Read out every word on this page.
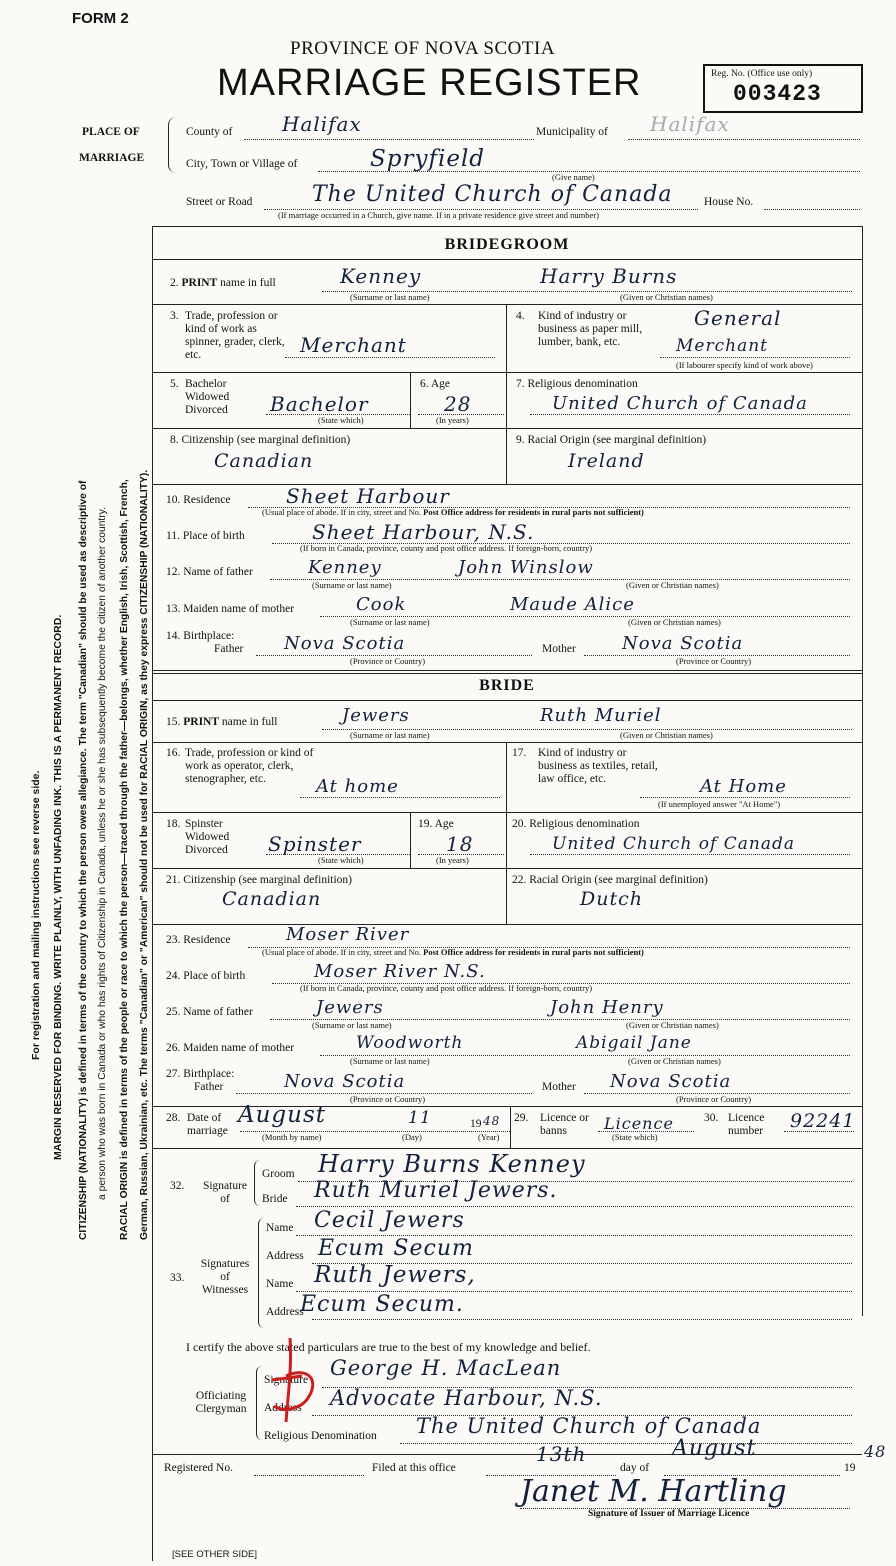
For registration and mailing instructions see reverse side. MARGIN RESERVED FOR BINDING. WRITE PLAINLY, WITH UNFADING INK. THIS IS A PERMANENT RECORD. CITIZENSHIP (NATIONALITY) is defined in terms of the country to which the person owes allegiance. The term "Canadian" should be used as descriptive of a person who was born in Canada or who has rights of Citizenship in Canada, unless he or she has subsequently become the citizen of another country. RACIAL ORIGIN is defined in terms of the people or race to which the person—traced through the father—belongs, whether English, Irish, Scottish, French, German, Russian, Ukrainian, etc. The terms "Canadian" or "American" should not be used for RACIAL ORIGIN, as they express CITIZENSHIP (NATIONALITY).
FORM 2
PROVINCE OF NOVA SCOTIA
MARRIAGE REGISTER	Reg. No. (Office use only)
003423
PLACE OF
MARRIAGE
County of Halifax	Municipality of Halifax
City, Town or Village of	Spryfield
(Give name)
Street or Road	The United Church of Canada	House No.
(If marriage occurred in a Church, give name. If in a private residence give street and number)
BRIDEGROOM
2. PRINT name in full	Kenney	Harry Burns
(Surname or last name)	(Given or Christian names)
3. Trade, profession or kind of work as spinner, grader, clerk, etc.	Merchant
4. Kind of industry or business as paper mill, lumber, bank, etc.
General
Merchant
(If labourer specify kind of work above)
5. Bachelor Widowed Divorced	Bachelor
(State which)
6. Age
28
(In years)
7. Religious denomination
United Church of Canada
8. Citizenship (see marginal definition)
Canadian
9. Racial Origin (see marginal definition)
Ireland
10. Residence	Sheet Harbour
(Usual place of abode. If in city, street and No. Post Office address for residents in rural parts not sufficient)
11. Place of birth	Sheet Harbour, N.S.
(If born in Canada, province, county and post office address. If foreign-born, country)
12. Name of father	Kenney	John Winslow
(Surname or last name)	(Given or Christian names)
13. Maiden name of mother	Cook	Maude Alice
(Surname or last name)	(Given or Christian names)
14. Birthplace:
Father Nova Scotia	Mother	Nova Scotia
(Province or Country)	(Province or Country)
BRIDE
15. PRINT name in full	Jewers	Ruth Muriel
(Surname or last name)	(Given or Christian names)
16. Trade, profession or kind of work as operator, clerk, stenographer, etc.	At home
17. Kind of industry or business as textiles, retail, law office, etc.	At Home
(If unemployed answer "At Home")
18. Spinster Widowed Divorced	Spinster
(State which)
19. Age
18
(In years)
20. Religious denomination
United Church of Canada
21. Citizenship (see marginal definition)
Canadian
22. Racial Origin (see marginal definition)
Dutch
23. Residence	Moser River
(Usual place of abode. If in city, street and No. Post Office address for residents in rural parts not sufficient)
24. Place of birth	Moser River N.S.
(If born in Canada, province, county and post office address. If foreign-born, country)
25. Name of father	Jewers	John Henry
(Surname or last name)	(Given or Christian names)
26. Maiden name of mother	Woodworth	Abigail Jane
(Surname or last name)	(Given or Christian names)
27. Birthplace:
Father	Nova Scotia	Mother Nova Scotia
(Province or Country)	(Province or Country)
28. Date of marriage
August	11	19 48
(Month by name)	(Day)	(Year)
29. Licence or banns	Licence
(State which)
30. Licence number	92241
32. Signature of
Groom Harry Burns Kenney
Bride Ruth Muriel Jewers.
33.
Signatures of Witnesses
Name Cecil Jewers
Address Ecum Secum
Name Ruth Jewers,
Address
Ecum Secum.
I certify the above stated particulars are true to the best of my knowledge and belief.
Officiating Clergyman
Signature George H. MacLean
Address Advocate Harbour, N.S.
Religious Denomination The United Church of Canada
Registered No.	Filed at this office
13th
day of
August
19
48
Janet M. Hartling
Signature of Issuer of Marriage Licence
[SEE OTHER SIDE]
